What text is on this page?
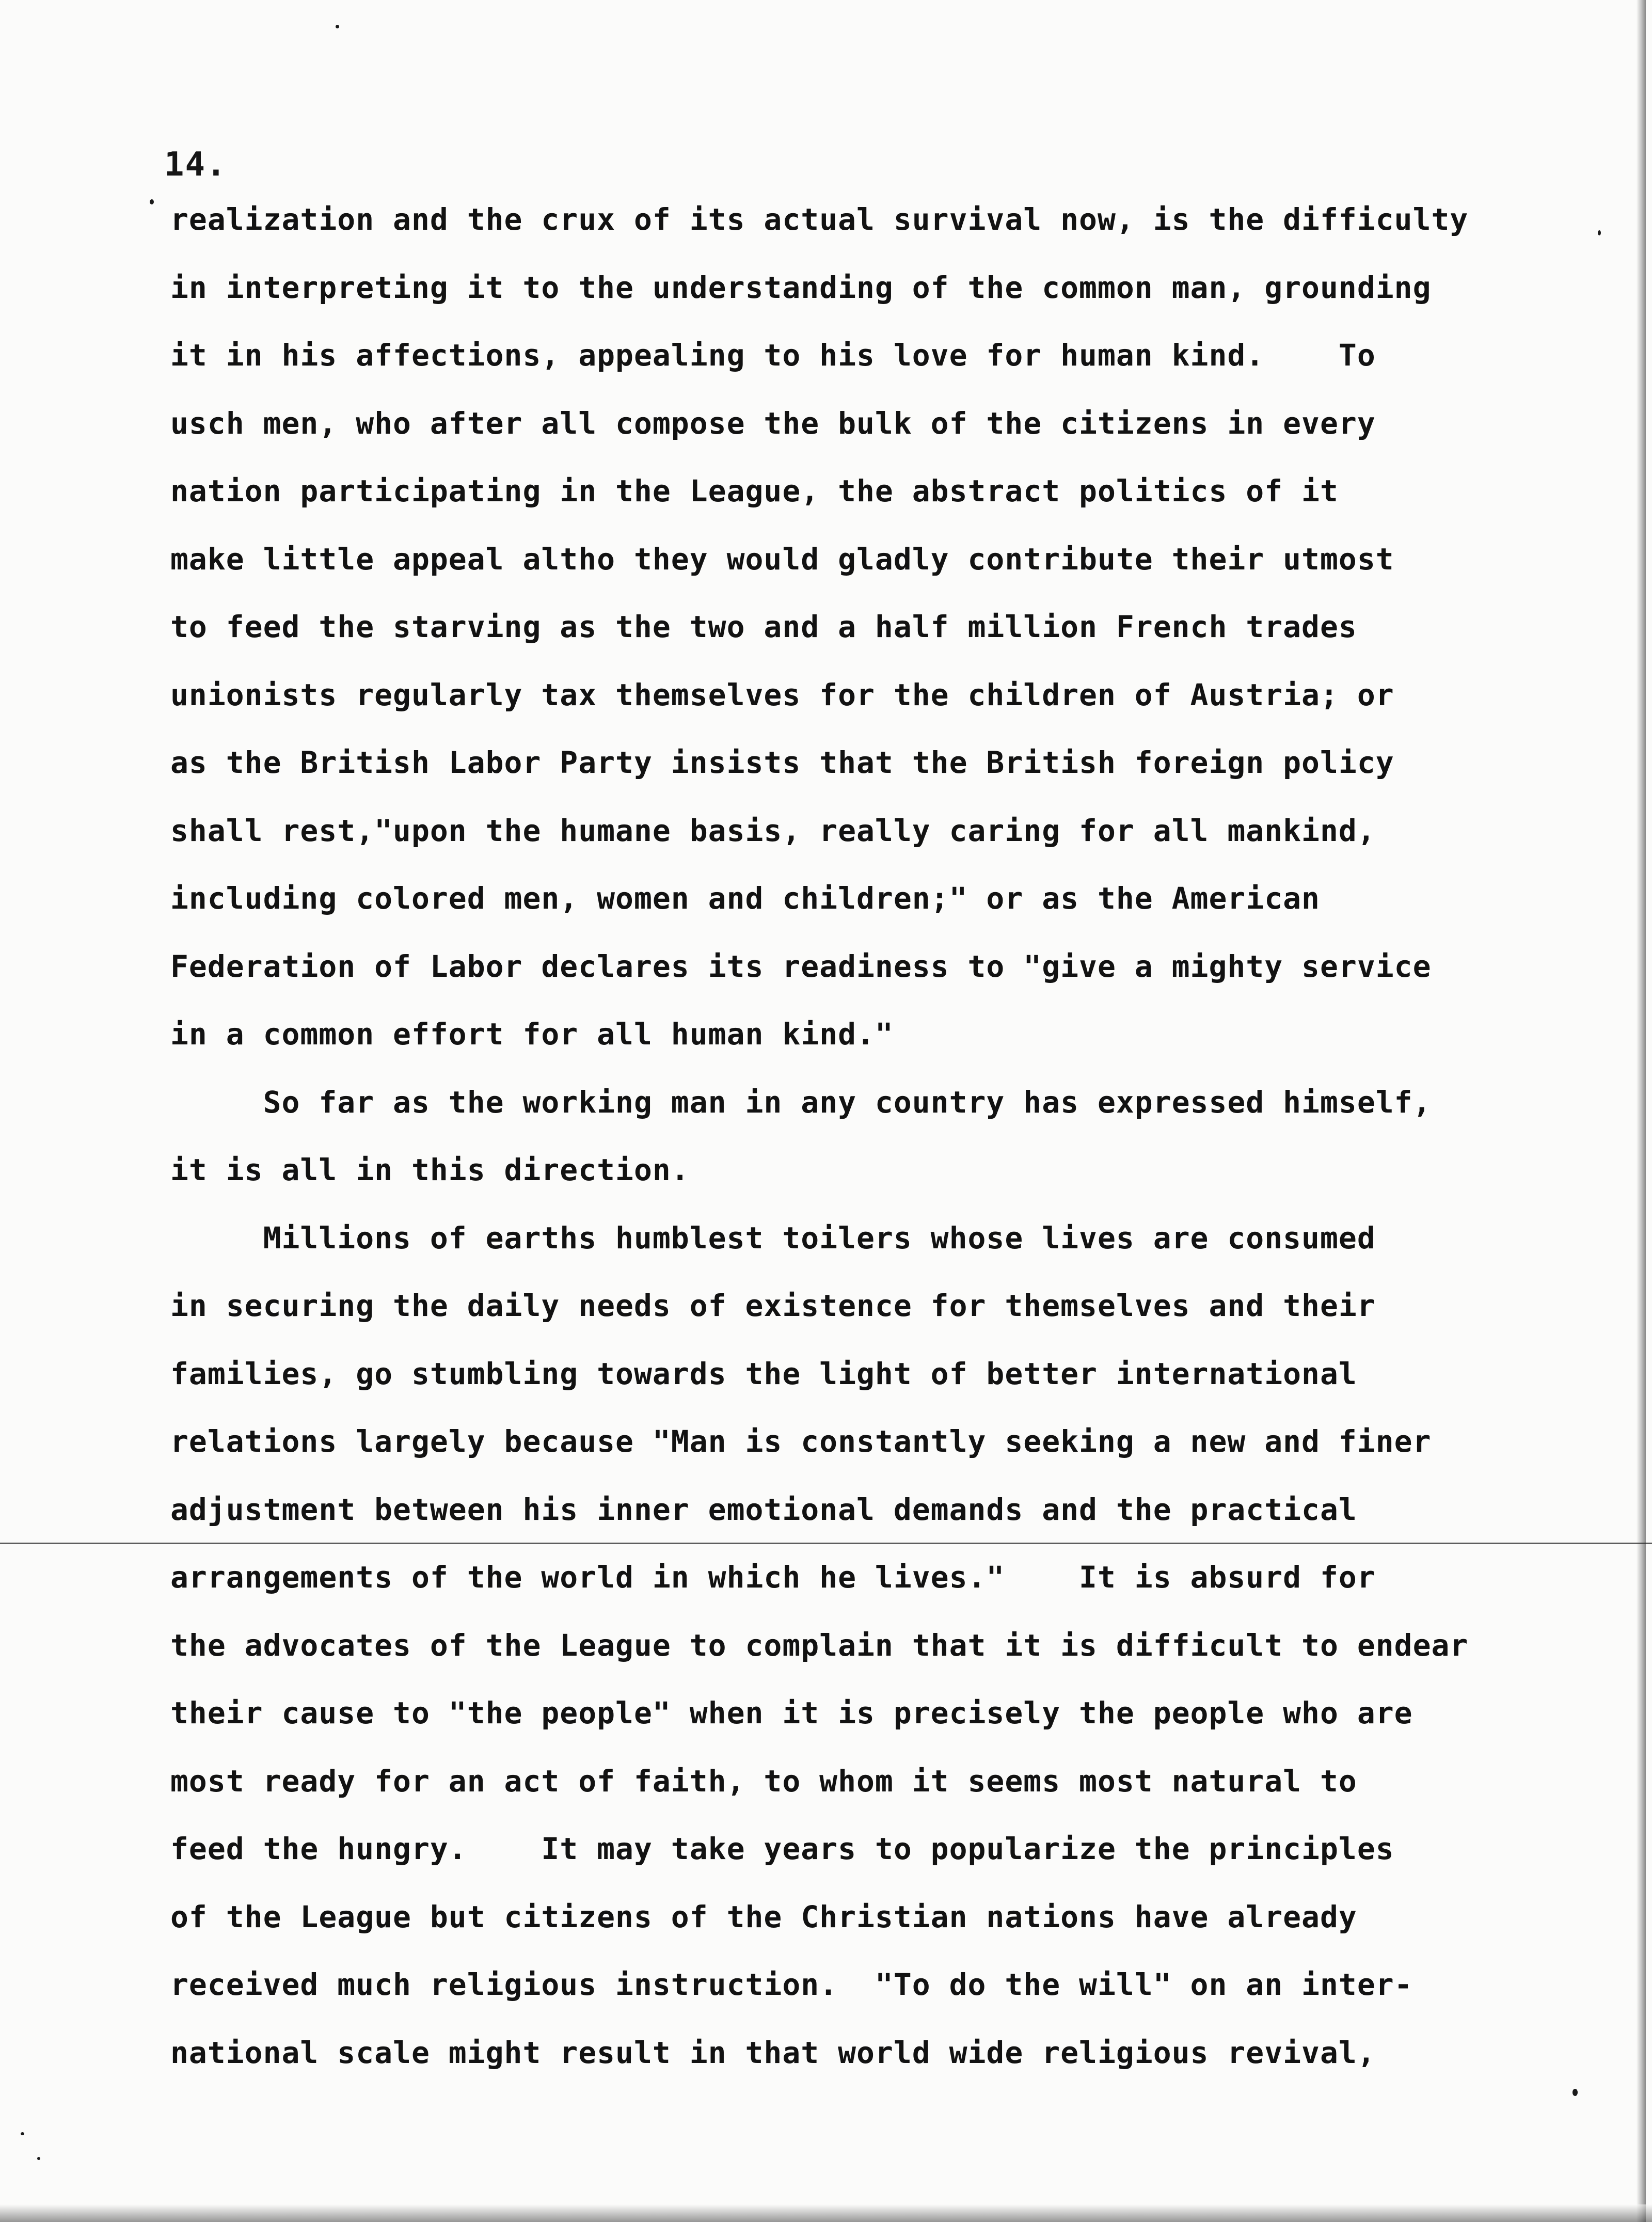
14.
realization and the crux of its actual survival now, is the difficulty
in interpreting it to the understanding of the common man, grounding
it in his affections, appealing to his love for human kind.    To
usch men, who after all compose the bulk of the citizens in every
nation participating in the League, the abstract politics of it
make little appeal altho they would gladly contribute their utmost
to feed the starving as the two and a half million French trades
unionists regularly tax themselves for the children of Austria; or
as the British Labor Party insists that the British foreign policy
shall rest,"upon the humane basis, really caring for all mankind,
including colored men, women and children;" or as the American
Federation of Labor declares its readiness to "give a mighty service
in a common effort for all human kind."
So far as the working man in any country has expressed himself,
it is all in this direction.
Millions of earths humblest toilers whose lives are consumed
in securing the daily needs of existence for themselves and their
families, go stumbling towards the light of better international
relations largely because "Man is constantly seeking a new and finer
adjustment between his inner emotional demands and the practical
arrangements of the world in which he lives."    It is absurd for
the advocates of the League to complain that it is difficult to endear
their cause to "the people" when it is precisely the people who are
most ready for an act of faith, to whom it seems most natural to
feed the hungry.    It may take years to popularize the principles
of the League but citizens of the Christian nations have already
received much religious instruction.  "To do the will" on an inter-
national scale might result in that world wide religious revival,
